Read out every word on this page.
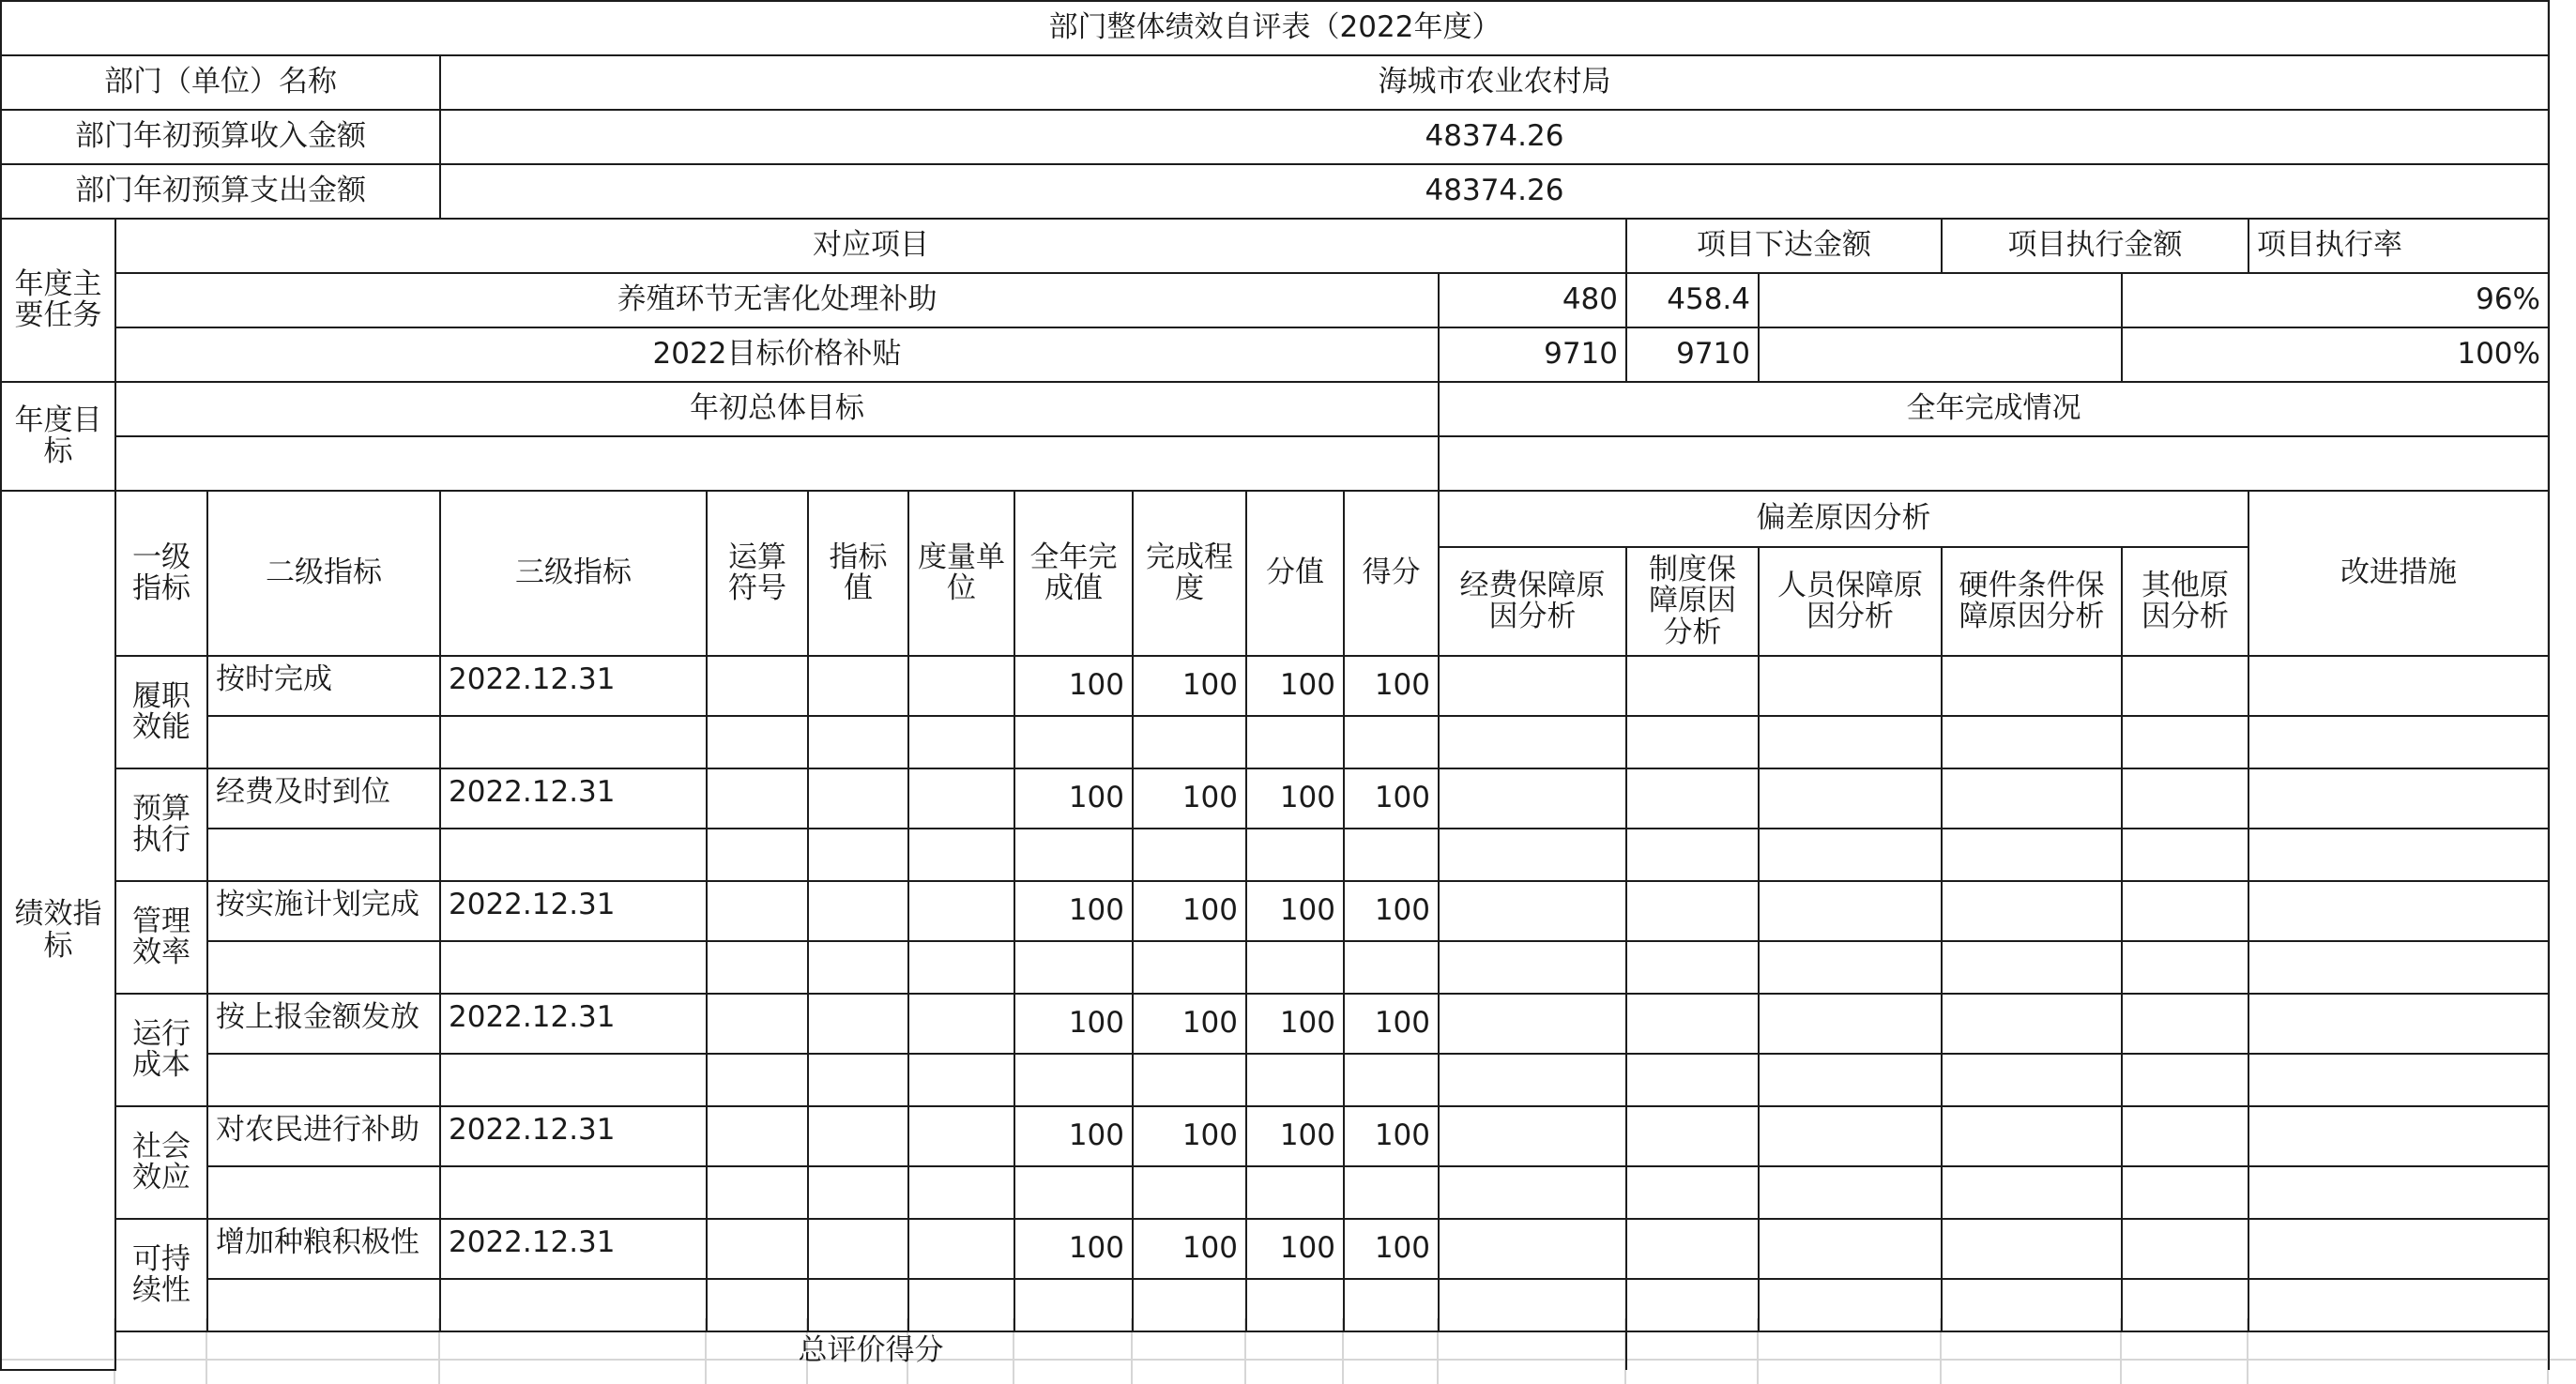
部门整体绩效自评表（2022年度）																	
部门（单位）名称			海城市农业农村局														
部门年初预算收入金额			48374.26														
部门年初预算支出金额			48374.26														
年度主要任务	对应项目											项目下达金额		项目执行金额		项目执行率		
	养殖环节无害化处理补助										480	458.4			96%		
	2022目标价格补贴										9710	9710			100%		
年度目标	年初总体目标										全年完成情况						

绩效指标	一级指标	二级指标	三级指标	运算符号	指标值	度量单位	全年完成值	完成程度	分值	得分	偏差原因分析					改进措施	
											经费保障原因分析	制度保障原因分析	人员保障原因分析	硬件条件保障原因分析	其他原因分析		
	履职效能	按时完成	2022.12.31				100	100	100	100							

	预算执行	经费及时到位	2022.12.31				100	100	100	100							

	管理效率	按实施计划完成	2022.12.31				100	100	100	100							

	运行成本	按上报金额发放	2022.12.31				100	100	100	100							

	社会效应	对农民进行补助	2022.12.31				100	100	100	100							

	可持续性	增加种粮积极性	2022.12.31				100	100	100	100							

	总评价得分																
